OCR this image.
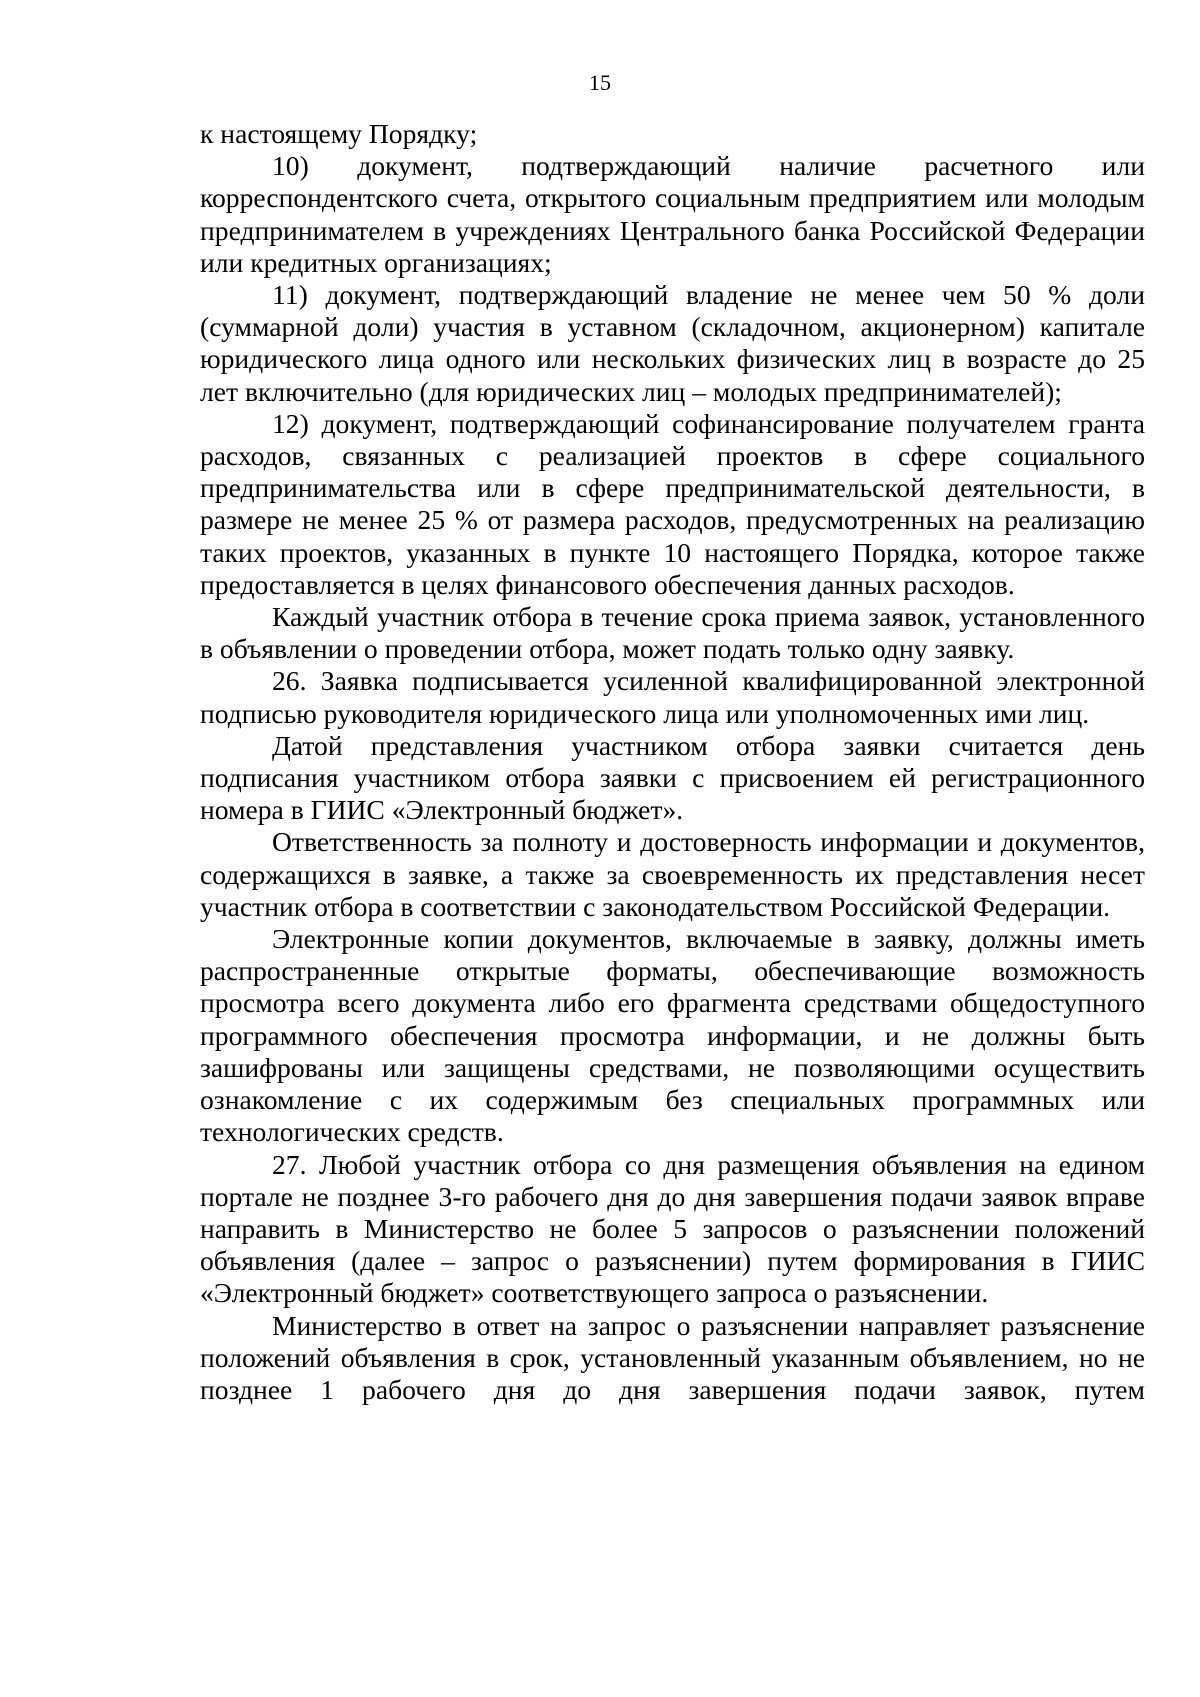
15

к настоящему Порядку;

10) документ, подтверждающий наличие расчетного или корреспондентского счета, открытого социальным предприятием или молодым предпринимателем в учреждениях Центрального банка Российской Федерации или кредитных организациях;

11) документ, подтверждающий владение не менее чем 50 % доли (суммарной доли) участия в уставном (складочном, акционерном) капитале юридического лица одного или нескольких физических лиц в возрасте до 25 лет включительно (для юридических лиц – молодых предпринимателей);

12) документ, подтверждающий софинансирование получателем гранта расходов, связанных с реализацией проектов в сфере социального предпринимательства или в сфере предпринимательской деятельности, в размере не менее 25 % от размера расходов, предусмотренных на реализацию таких проектов, указанных в пункте 10 настоящего Порядка, которое также предоставляется в целях финансового обеспечения данных расходов.

Каждый участник отбора в течение срока приема заявок, установленного в объявлении о проведении отбора, может подать только одну заявку.

26. Заявка подписывается усиленной квалифицированной электронной подписью руководителя юридического лица или уполномоченных ими лиц.

Датой представления участником отбора заявки считается день подписания участником отбора заявки с присвоением ей регистрационного номера в ГИИС «Электронный бюджет».

Ответственность за полноту и достоверность информации и документов, содержащихся в заявке, а также за своевременность их представления несет участник отбора в соответствии с законодательством Российской Федерации.

Электронные копии документов, включаемые в заявку, должны иметь распространенные открытые форматы, обеспечивающие возможность просмотра всего документа либо его фрагмента средствами общедоступного программного обеспечения просмотра информации, и не должны быть зашифрованы или защищены средствами, не позволяющими осуществить ознакомление с их содержимым без специальных программных или технологических средств.

27. Любой участник отбора со дня размещения объявления на едином портале не позднее 3-го рабочего дня до дня завершения подачи заявок вправе направить в Министерство не более 5 запросов о разъяснении положений объявления (далее – запрос о разъяснении) путем формирования в ГИИС «Электронный бюджет» соответствующего запроса о разъяснении.

Министерство в ответ на запрос о разъяснении направляет разъяснение положений объявления в срок, установленный указанным объявлением, но не позднее 1 рабочего дня до дня завершения подачи заявок, путем
